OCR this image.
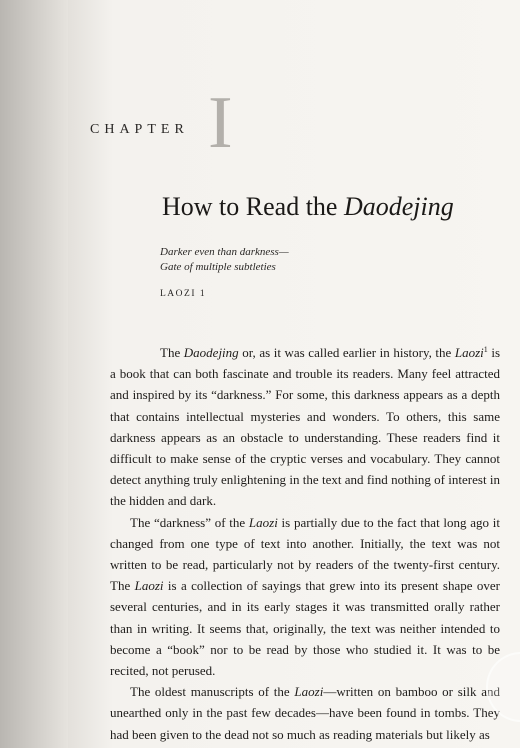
I
CHAPTER
How to Read the Daodejing
Darker even than darkness—
Gate of multiple subtleties
LAOZI 1

The Daodejing or, as it was called earlier in history, the Laozi$^1$ is a book that can both fascinate and trouble its readers. Many feel attracted and inspired by its “darkness.” For some, this darkness appears as a depth that contains intellectual mysteries and wonders. To others, this same darkness appears as an obstacle to understanding. These readers find it difficult to make sense of the cryptic verses and vocabulary. They cannot detect anything truly enlightening in the text and find nothing of interest in the hidden and dark.

The “darkness” of the Laozi is partially due to the fact that long ago it changed from one type of text into another. Initially, the text was not written to be read, particularly not by readers of the twenty-first century. The Laozi is a collection of sayings that grew into its present shape over several centuries, and in its early stages it was transmitted orally rather than in writing. It seems that, originally, the text was neither intended to become a “book” nor to be read by those who studied it. It was to be recited, not perused.

The oldest manuscripts of the Laozi—written on bamboo or silk and unearthed only in the past few decades—have been found in tombs. They had been given to the dead not so much as reading materials but likely as
